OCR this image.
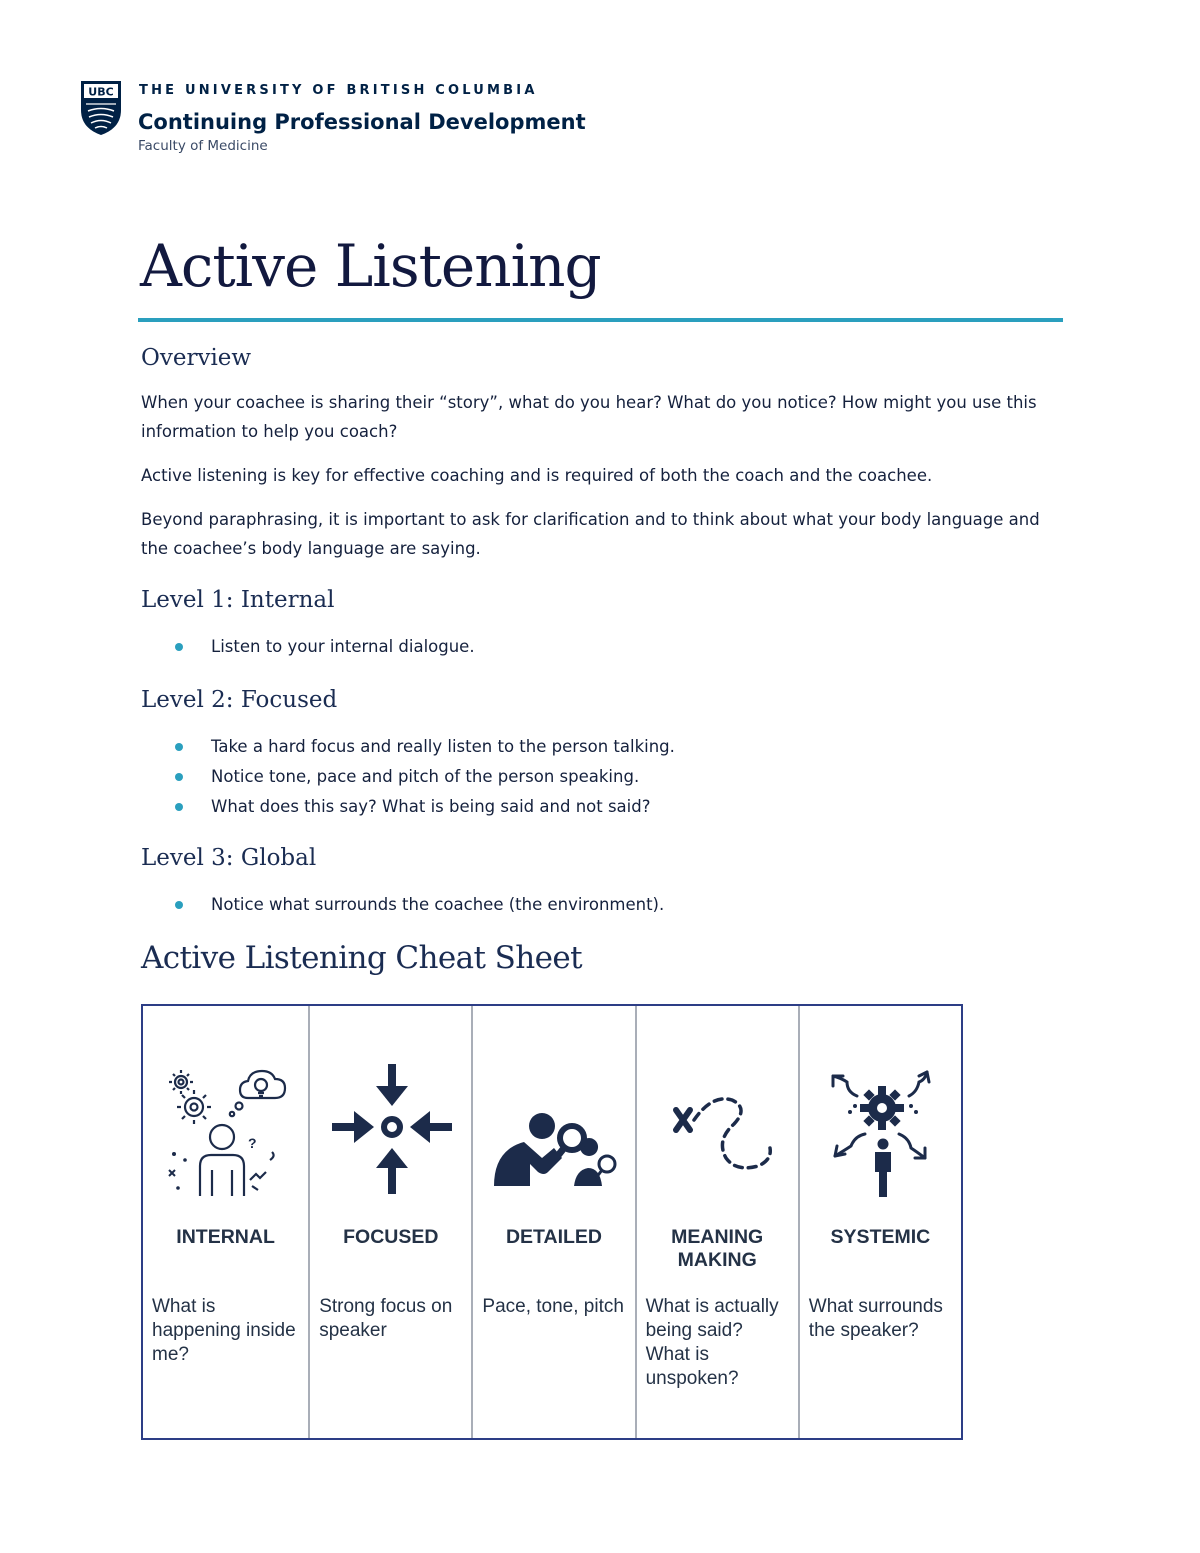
UBC THE UNIVERSITY OF BRITISH COLUMBIA
Continuing Professional Development
Faculty of Medicine
Active Listening
Overview

When your coachee is sharing their “story”, what do you hear? What do you notice? How might you use this information to help you coach?

Active listening is key for effective coaching and is required of both the coach and the coachee.

Beyond paraphrasing, it is important to ask for clarification and to think about what your body language and the coachee’s body language are saying.

Level 1: Internal
Listen to your internal dialogue.
Level 2: Focused
Take a hard focus and really listen to the person talking.
Notice tone, pace and pitch of the person speaking.
What does this say? What is being said and not said?
Level 3: Global
Notice what surrounds the coachee (the environment).
Active Listening Cheat Sheet
?
INTERNAL
What is happening inside me?
FOCUSED
Strong focus on speaker
DETAILED
Pace, tone, pitch
MEANING MAKING
What is actually being said? What is unspoken?
SYSTEMIC
What surrounds the speaker?
